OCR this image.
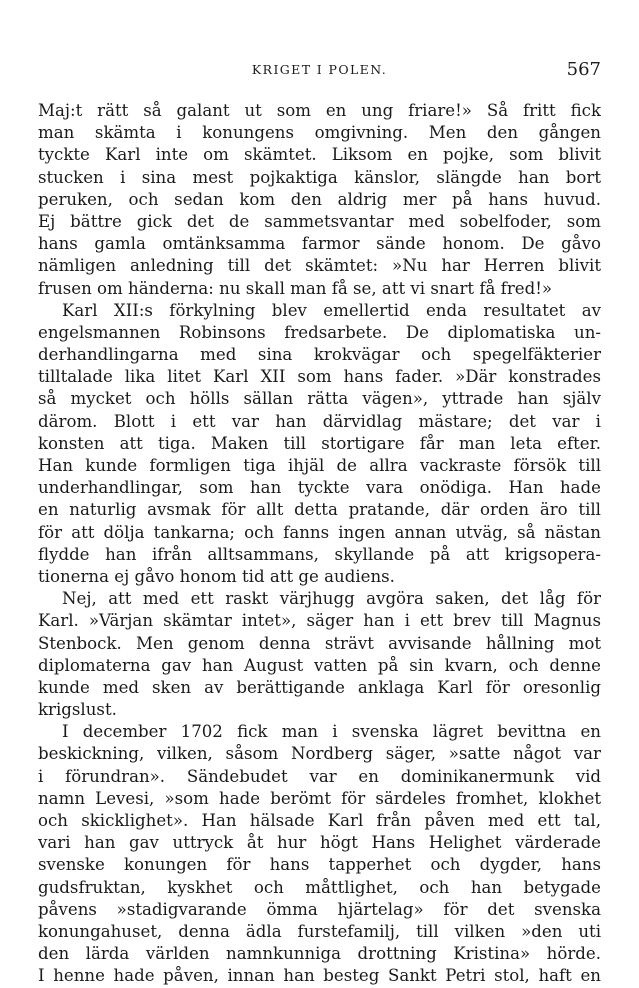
KRIGET I POLEN.	567
Maj:t rätt så galant ut som en ung friare!» Så fritt fick
man skämta i konungens omgivning. Men den gången
tyckte Karl inte om skämtet. Liksom en pojke, som blivit
stucken i sina mest pojkaktiga känslor, slängde han bort
peruken, och sedan kom den aldrig mer på hans huvud.
Ej bättre gick det de sammetsvantar med sobelfoder, som
hans gamla omtänksamma farmor sände honom. De gåvo
nämligen anledning till det skämtet: »Nu har Herren blivit
frusen om händerna: nu skall man få se, att vi snart få fred!»
Karl XII:s förkylning blev emellertid enda resultatet av
engelsmannen Robinsons fredsarbete. De diplomatiska un-
derhandlingarna med sina krokvägar och spegelfäkterier
tilltalade lika litet Karl XII som hans fader. »Där konstrades
så mycket och hölls sällan rätta vägen», yttrade han själv
därom. Blott i ett var han därvidlag mästare; det var i
konsten att tiga. Maken till stortigare får man leta efter.
Han kunde formligen tiga ihjäl de allra vackraste försök till
underhandlingar, som han tyckte vara onödiga. Han hade
en naturlig avsmak för allt detta pratande, där orden äro till
för att dölja tankarna; och fanns ingen annan utväg, så nästan
flydde han ifrån alltsammans, skyllande på att krigsopera-
tionerna ej gåvo honom tid att ge audiens.
Nej, att med ett raskt värjhugg avgöra saken, det låg för
Karl. »Värjan skämtar intet», säger han i ett brev till Magnus
Stenbock. Men genom denna strävt avvisande hållning mot
diplomaterna gav han August vatten på sin kvarn, och denne
kunde med sken av berättigande anklaga Karl för oresonlig
krigslust.
I december 1702 fick man i svenska lägret bevittna en
beskickning, vilken, såsom Nordberg säger, »satte något var
i förundran». Sändebudet var en dominikanermunk vid
namn Levesi, »som hade berömt för särdeles fromhet, klokhet
och skicklighet». Han hälsade Karl från påven med ett tal,
vari han gav uttryck åt hur högt Hans Helighet värderade
svenske konungen för hans tapperhet och dygder, hans
gudsfruktan, kyskhet och måttlighet, och han betygade
påvens »stadigvarande ömma hjärtelag» för det svenska
konungahuset, denna ädla furstefamilj, till vilken »den uti
den lärda världen namnkunniga drottning Kristina» hörde.
I henne hade påven, innan han besteg Sankt Petri stol, haft en
